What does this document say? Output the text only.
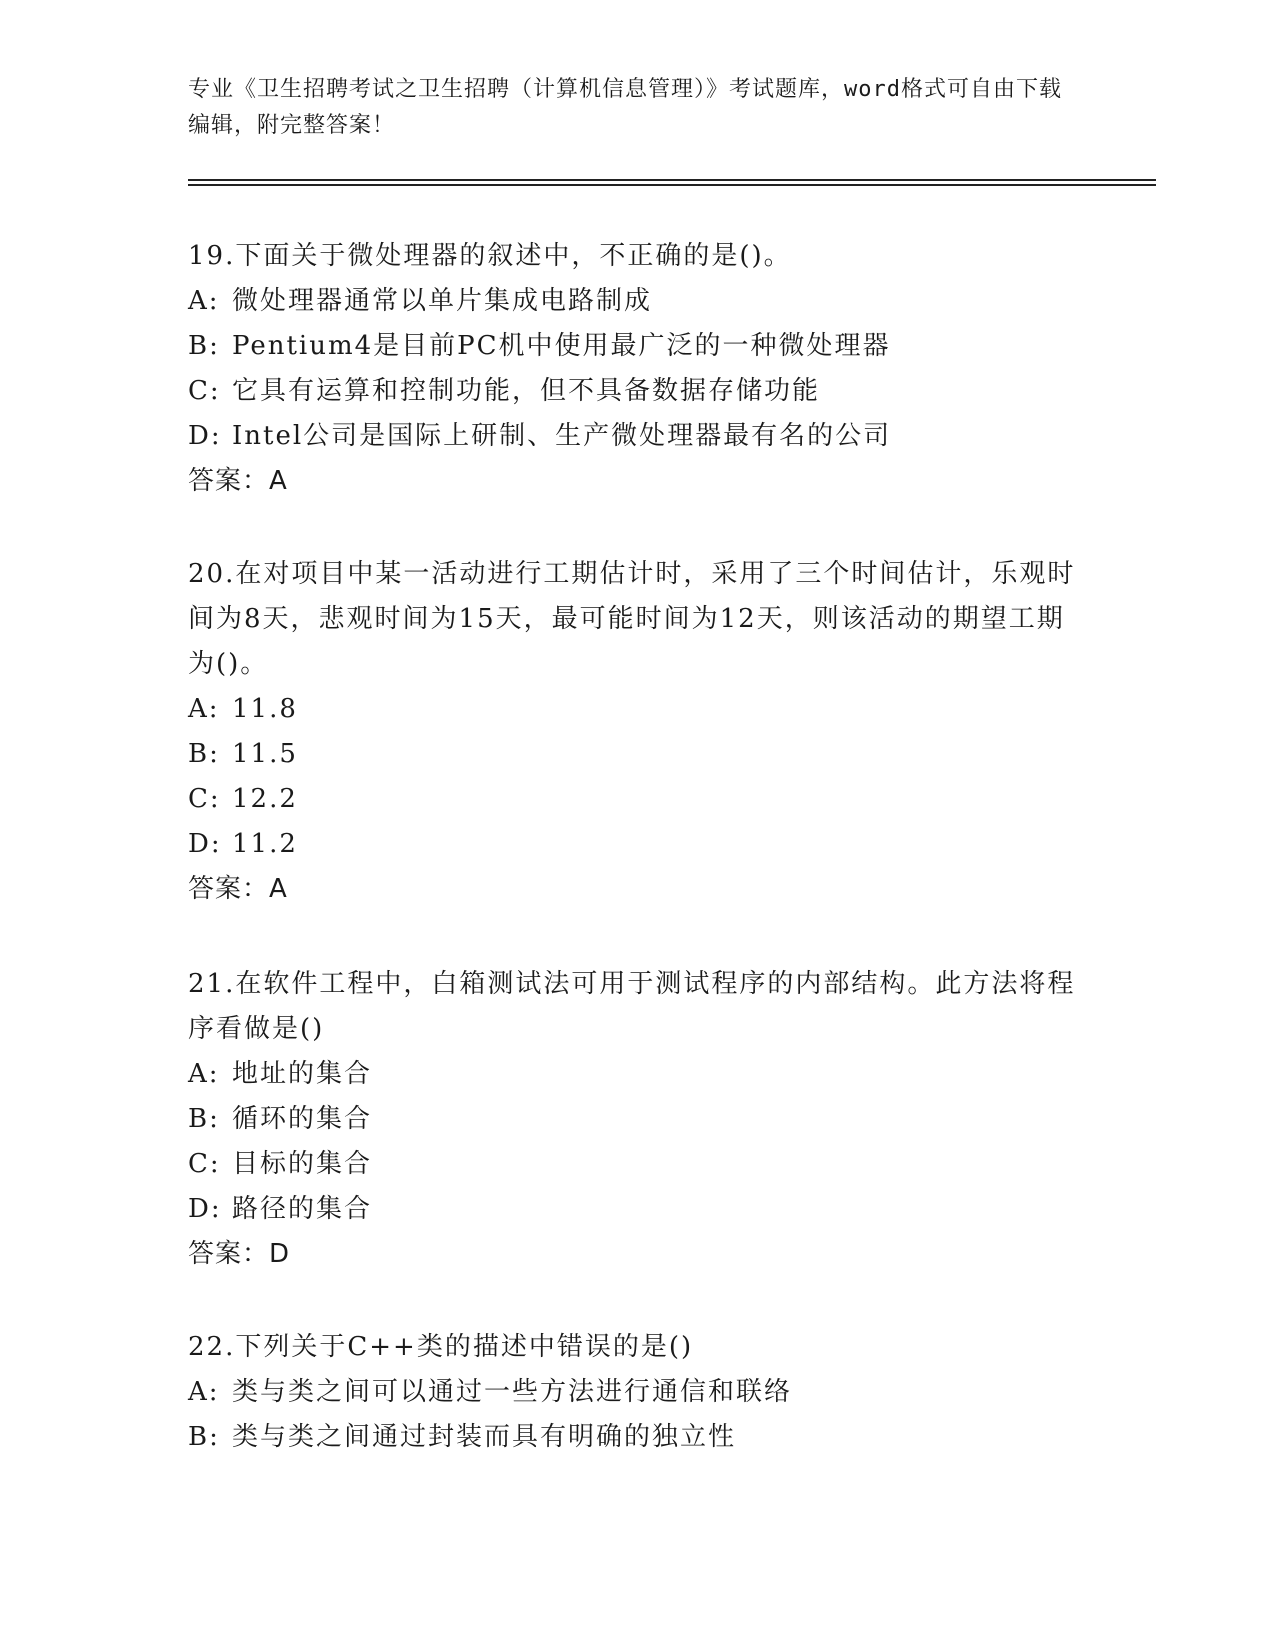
专业《卫生招聘考试之卫生招聘（计算机信息管理）》考试题库，word格式可自由下载编辑，附完整答案！

19.下面关于微处理器的叙述中，不正确的是()。

A: 微处理器通常以单片集成电路制成

B: Pentium4是目前PC机中使用最广泛的一种微处理器

C: 它具有运算和控制功能，但不具备数据存储功能

D: Intel公司是国际上研制、生产微处理器最有名的公司

答案：A

20.在对项目中某一活动进行工期估计时，采用了三个时间估计，乐观时间为8天，悲观时间为15天，最可能时间为12天，则该活动的期望工期为()。

A: 11.8

B: 11.5

C: 12.2

D: 11.2

答案：A

21.在软件工程中，白箱测试法可用于测试程序的内部结构。此方法将程序看做是()

A: 地址的集合

B: 循环的集合

C: 目标的集合

D: 路径的集合

答案：D

22.下列关于C++类的描述中错误的是()

A: 类与类之间可以通过一些方法进行通信和联络

B: 类与类之间通过封装而具有明确的独立性
